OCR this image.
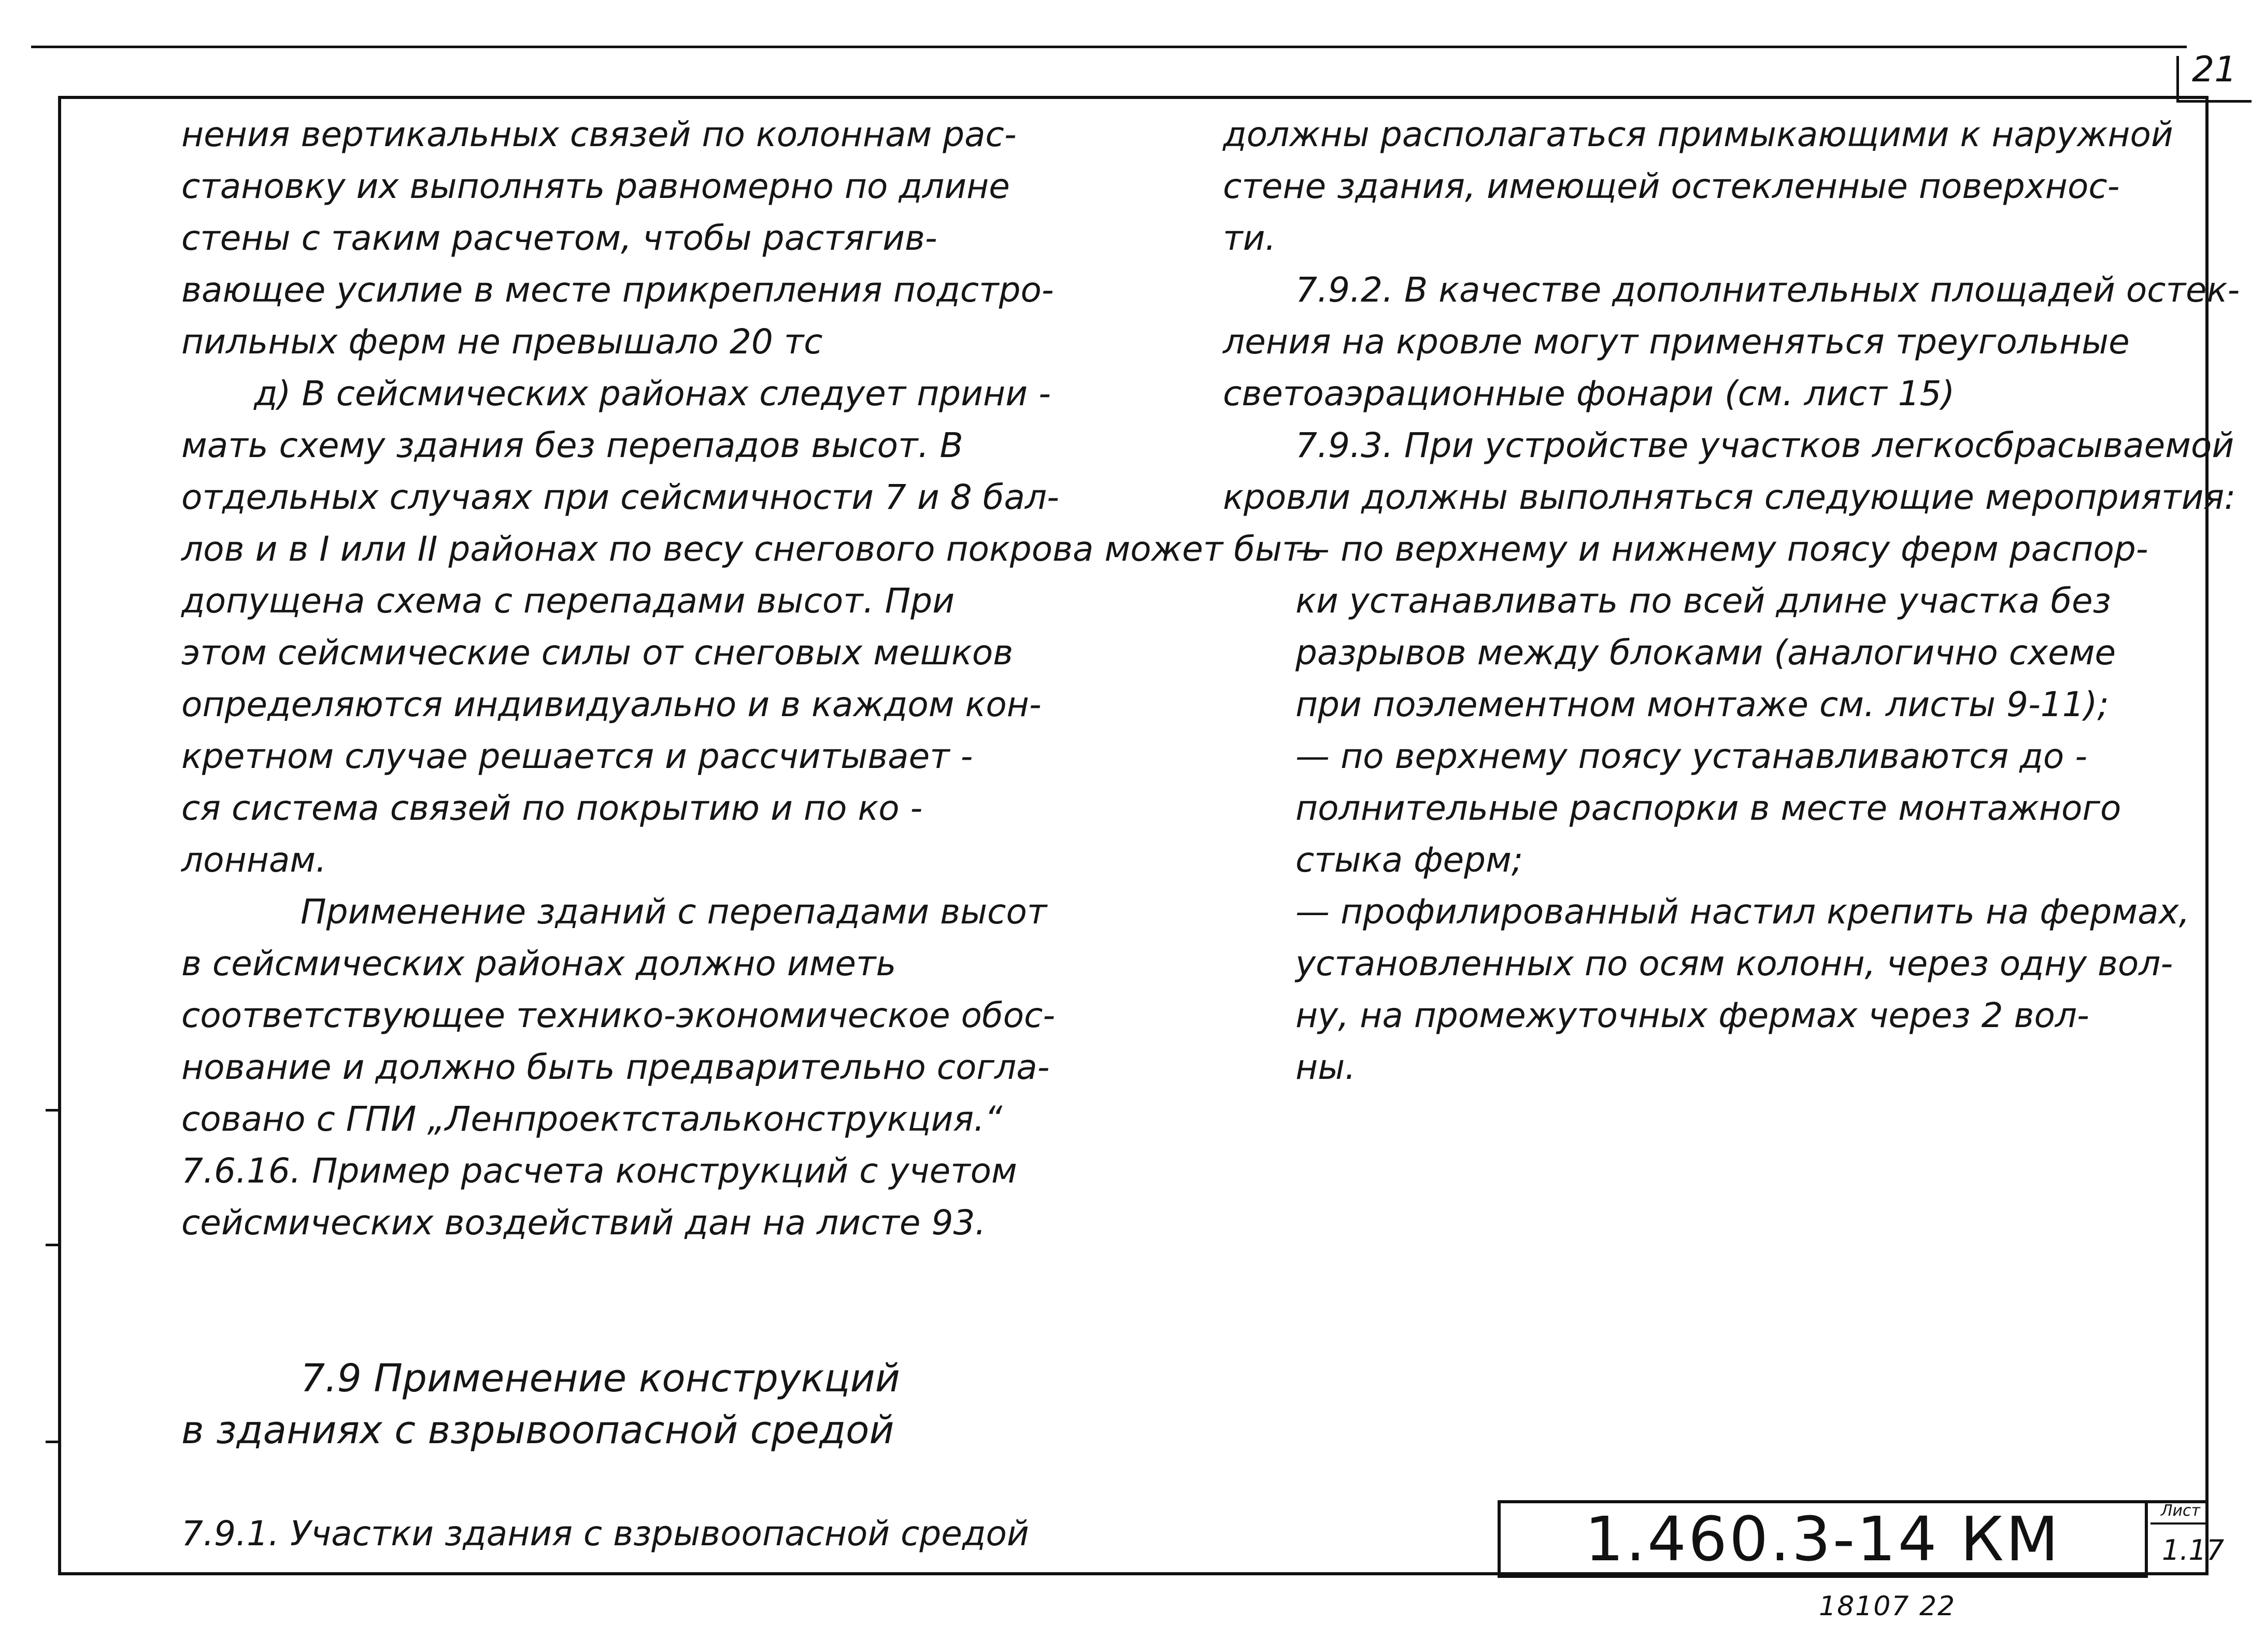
21
нения вертикальных связей по колоннам рас-
становку их выполнять равномерно по длине
стены с таким расчетом, чтобы растягив-
вающее усилие в месте прикрепления подстро-
пильных ферм не превышало 20 тс
д) В сейсмических районах следует прини -
мать схему здания без перепадов высот. В
отдельных случаях при сейсмичности 7 и 8 бал-
лов и в I или II районах по весу снегового покрова может быть
допущена схема с перепадами высот. При
этом сейсмические силы от снеговых мешков
определяются индивидуально и в каждом кон-
кретном случае решается и рассчитывает -
ся система связей по покрытию и по ко -
лоннам.
Применение зданий с перепадами высот
в сейсмических районах должно иметь
соответствующее технико-экономическое обос-
нование и должно быть предварительно согла-
совано с ГПИ „Ленпроектстальконструкция.“
7.6.16. Пример расчета конструкций с учетом
сейсмических воздействий дан на листе 93.
7.9 Применение конструкций
в зданиях с взрывоопасной средой
7.9.1. Участки здания с взрывоопасной средой
должны располагаться примыкающими к наружной
стене здания, имеющей остекленные поверхнос-
ти.
7.9.2. В качестве дополнительных площадей остек-
ления на кровле могут применяться треугольные
светоаэрационные фонари (см. лист 15)
7.9.3. При устройстве участков легкосбрасываемой
кровли должны выполняться следующие мероприятия:
— по верхнему и нижнему поясу ферм распор-
ки устанавливать по всей длине участка без
разрывов между блоками (аналогично схеме
при поэлементном монтаже см. листы 9-11);
— по верхнему поясу устанавливаются до -
полнительные распорки в месте монтажного
стыка ферм;
— профилированный настил крепить на фермах,
установленных по осям колонн, через одну вол-
ну, на промежуточных фермах через 2 вол-
ны.
1.460.3-14 КМ	Лист
1.17
18107 22
